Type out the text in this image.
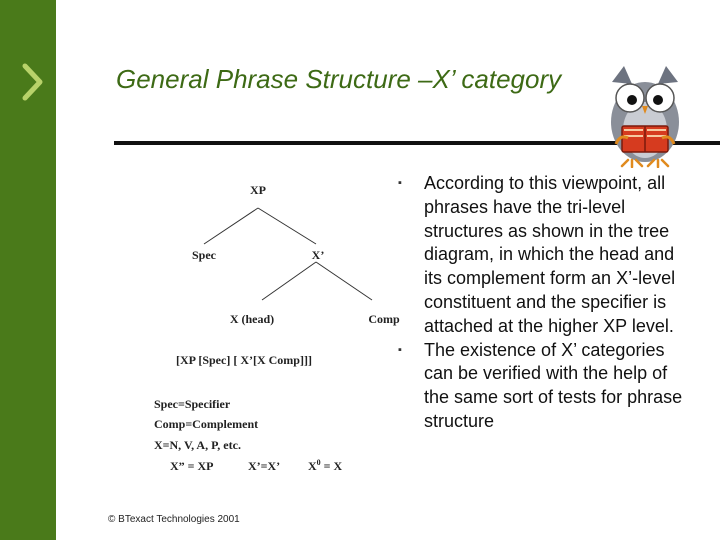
General Phrase Structure –X’ category
XP
Spec	X’
X (head)	Comp
[XP [Spec] [ X’[X Comp]]]
Spec=Specifier
Comp=Complement
X=N, V, A, P, etc.
X” = XP	X’=X’ $X^0 = X$
▪ According to this viewpoint, all phrases have the tri-level structures as shown in the tree diagram, in which the head and its complement form an X’-level constituent and the specifier is attached at the higher XP level.
▪ The existence of X’ categories can be verified with the help of the same sort of tests for phrase structure
© BTexact Technologies 2001
